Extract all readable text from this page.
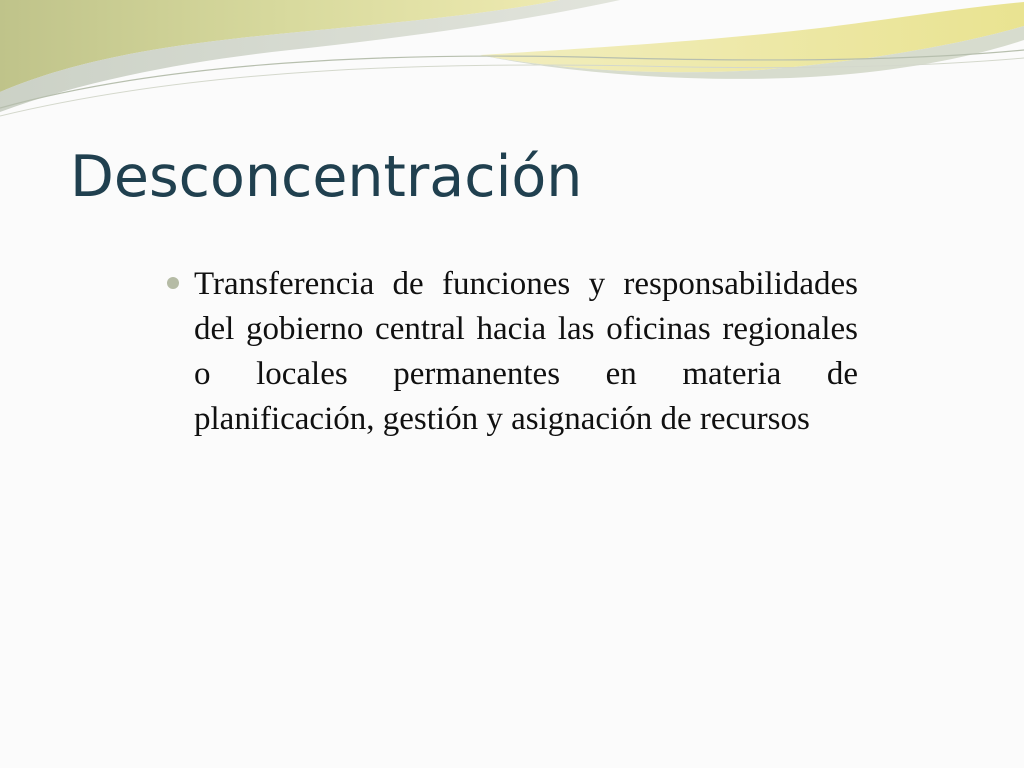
Desconcentración

Transferencia de funciones y responsabilidades del gobierno central hacia las oficinas regionales o locales permanentes en materia de planificación, gestión y asignación de recursos
